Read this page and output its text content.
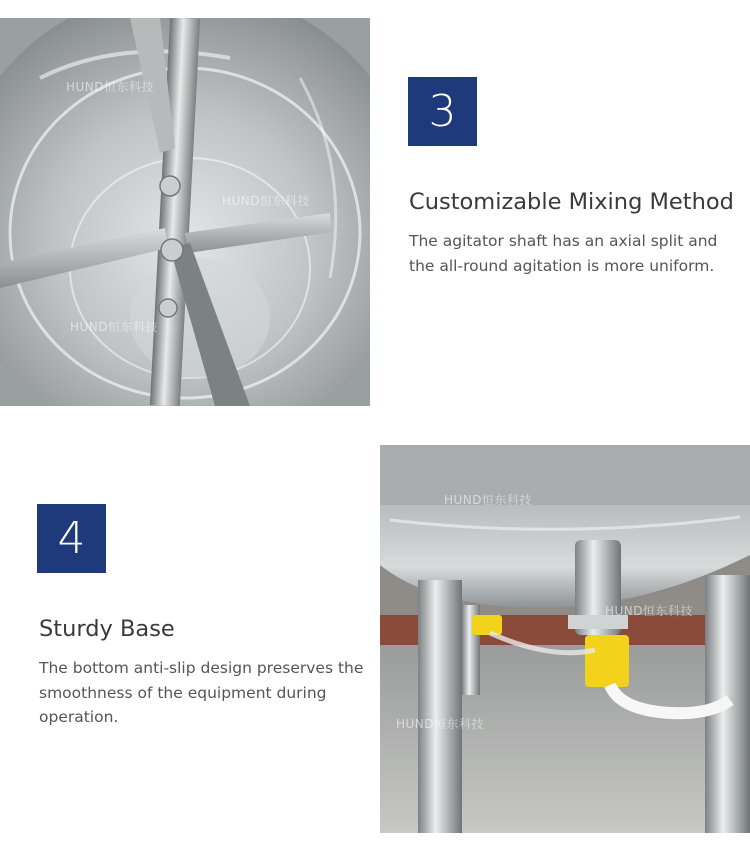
HUND恒东科技
HUND恒东科技
HUND恒东科技
3
Customizable Mixing Method
The agitator shaft has an axial split and the all-round agitation is more uniform.
4
Sturdy Base
The bottom anti-slip design preserves the smoothness of the equipment during operation.
HUND恒东科技
HUND恒东科技
HUND恒东科技
